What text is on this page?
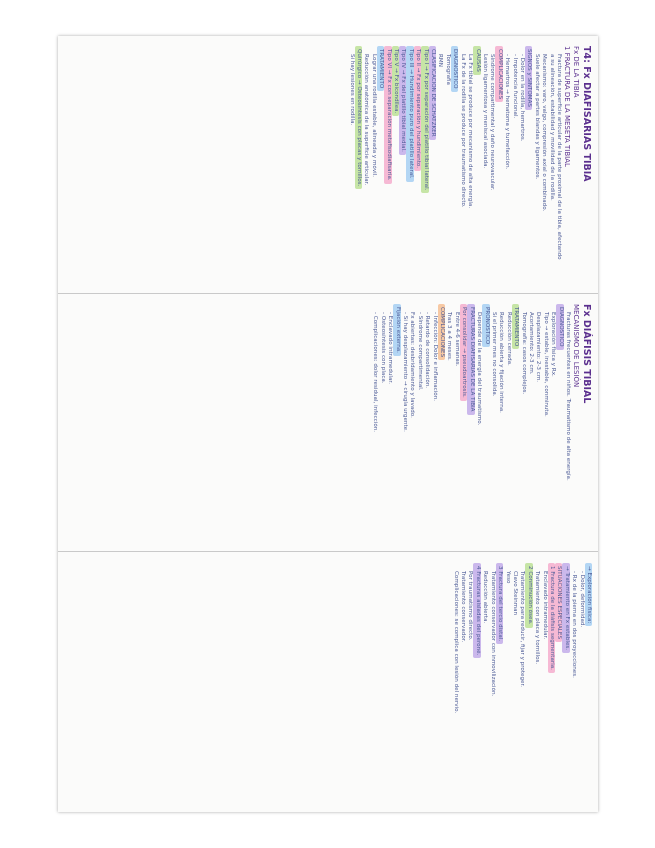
T4: Fx DIAFISARIAS TIBIA
Fx DE LA TIBIA
1 FRACTURA DE LA MESETA TIBIAL
Fractura de superficie articular de la parte proximal de la tibia, afectando
a su alineación, estabilidad y movilidad de la rodilla.
Mecanismo: varo, valgo, compresión axial o combinado.
Suele afectar a partes blandas y ligamentos.
SIGNOS y SÍNTOMAS
- Dolor en la rodilla, hemartros.
- Impotencia funcional.
- Hemartros → hematoma y tumefacción.
COMPLICACIONES
Síndrome compartimental y daño neurovascular.
Lesión ligamentosa y meniscal asociada.
CAUSAS
La Fx tibial se produce por mecanismo de alta energía.
La Fx de la rodilla se produce por traumatismo directo.
DIAGNÓSTICO
Tomografía
RMN
CLASIFICACIÓN DE SCHATZKER
Tipo I → Fx por separación del platillo tibial lateral.
Tipo II → Fx por separación y hundimiento.
Tipo III → Hundimiento puro del platillo lateral.
Tipo IV → Fx del platillo tibial medial.
Tipo V → Fx bicondílea.
Tipo VI → Fx con separación metafisodiafisaria.
TRATAMIENTO
Lograr una rodilla estable, alineada y móvil.
Reducción anatómica de la superficie articular.
Quirúrgico → Osteosíntesis con placas y tornillos.
Si hay lesiones en rodilla.
Fx DIÁFISIS TIBIAL
MECANISMO DE LESIÓN
Fracturas frecuentes en niños. Traumatismo de alta energía.
DIAGNÓSTICO
Exploración física y Rx.
Tipo → estable, inestable, conminuta.
Desplazamiento: 2-3 cm.
Acortamiento: 2-3 cm.
Tomografía: casos complejos.
TRATAMIENTO
Reducción cerrada.
Reducción abierta y fijación interna.
Si el primer mes no consolida.
PRONÓSTICO
Depende de la energía del traumatismo.
FRACTURAS DIAFISARIAS DE LA TIBIA
Por consolidar → pseudoartrosis.
Entre 4-6 semanas.
Tras 3 a 4 meses.
COMPLICACIONES
- Infección: Dolor e inflamación.
- Retardo de consolidación.
- Síndrome compartimental.
Fx abiertas: desbridamiento y lavado.
- Si hay desplazamiento → cirugía urgente.
Fijación externa.
- Enclavado intramedular.
- Osteosíntesis con placa.
- Complicaciones: dolor residual, infección.
→ Exploración física:
- Dolor, deformidad.
- Rx de la pierna en dos proyecciones.
→ Tratamiento en Fx estables.
SITUACIONES ESPECIALES
1 Fractura de la diáfisis segmentaria.
Enclavado intramedular.
Tratamiento con placa y tornillos.
2 Conminución ósea.
Tratamiento para reducir, fijar y proteger.
Clavo Steinman
Yeso
3 Fractura del tercio distal.
Tratamiento conservador con inmovilización.
Reducción abierta.
4 Fracturas aisladas del peroné.
Por traumatismo directo.
Tratamiento conservador.
Complicaciones: se complica con lesión del nervio.
